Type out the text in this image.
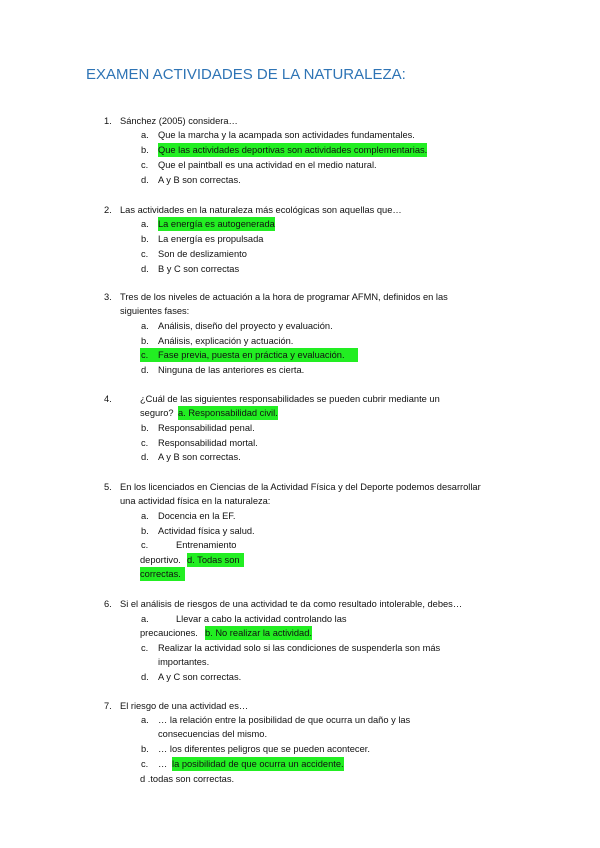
EXAMEN ACTIVIDADES DE LA NATURALEZA:
1. Sánchez (2005) considera…
a. Que la marcha y la acampada son actividades fundamentales.
b. Que las actividades deportivas son actividades complementarias.
c. Que el paintball es una actividad en el medio natural.
d. A y B son correctas.
2. Las actividades en la naturaleza más ecológicas son aquellas que…
a. La energía es autogenerada
b. La energía es propulsada
c. Son de deslizamiento
d. B y C son correctas
3. Tres de los niveles de actuación a la hora de programar AFMN, definidos en las
siguientes fases:
a. Análisis, diseño del proyecto y evaluación.
b. Análisis, explicación y actuación.
c. Fase previa, puesta en práctica y evaluación.

d. Ninguna de las anteriores es cierta.
4.	¿Cuál de las siguientes responsabilidades se pueden cubrir mediante un
seguro? a. Responsabilidad civil.
b. Responsabilidad penal.
c. Responsabilidad mortal.
d. A y B son correctas.
5. En los licenciados en Ciencias de la Actividad Física y del Deporte podemos desarrollar
una actividad física en la naturaleza:
a. Docencia en la EF.
b. Actividad física y salud.
c.	Entrenamiento
deportivo. d. Todas son
correctas.
6. Si el análisis de riesgos de una actividad te da como resultado intolerable, debes…
a.	Llevar a cabo la actividad controlando las
precauciones. b. No realizar la actividad.
c. Realizar la actividad solo si las condiciones de suspenderla son más
importantes.
d. A y C son correctas.
7. El riesgo de una actividad es…
a. … la relación entre la posibilidad de que ocurra un daño y las
consecuencias del mismo.
b. … los diferentes peligros que se pueden acontecer.
c. … la posibilidad de que ocurra un accidente.
d .todas son correctas.
